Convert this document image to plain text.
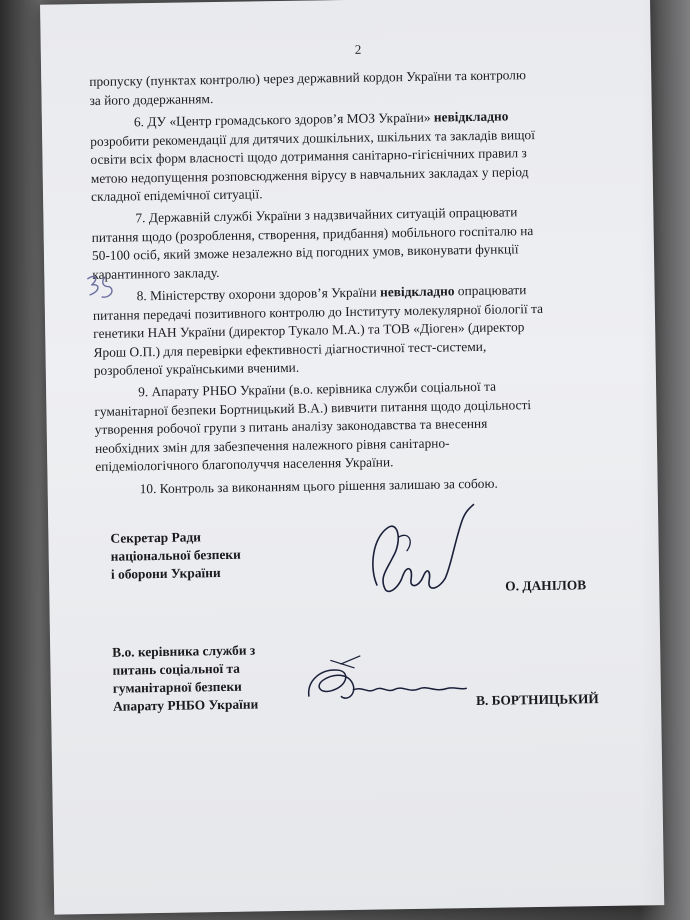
2
пропуску (пунктах контролю) через державний кордон України та контролю
за його додержанням.
6. ДУ «Центр громадського здоров’я МОЗ України» невідкладно
розробити рекомендації для дитячих дошкільних, шкільних та закладів вищої
освіти всіх форм власності щодо дотримання санітарно-гігієнічних правил з
метою недопущення розповсюдження вірусу в навчальних закладах у період
складної епідемічної ситуації.
7. Державній службі України з надзвичайних ситуацій опрацювати
питання щодо (розроблення, створення, придбання) мобільного госпіталю на
50-100 осіб, який зможе незалежно від погодних умов, виконувати функції
карантинного закладу.
8. Міністерству охорони здоров’я України невідкладно опрацювати
питання передачі позитивного контролю до Інституту молекулярної біології та
генетики НАН України (директор Тукало М.А.) та ТОВ «Діоген» (директор
Ярош О.П.) для перевірки ефективності діагностичної тест-системи,
розробленої українськими вченими.
9. Апарату РНБО України (в.о. керівника служби соціальної та
гуманітарної безпеки Бортницький В.А.) вивчити питання щодо доцільності
утворення робочої групи з питань аналізу законодавства та внесення
необхідних змін для забезпечення належного рівня санітарно-
епідеміологічного благополуччя населення України.
10. Контроль за виконанням цього рішення залишаю за собою.
Секретар Ради
національної безпеки
і оборони України
О. ДАНІЛОВ
В.о. керівника служби з
питань соціальної та
гуманітарної безпеки
Апарату РНБО України	В. БОРТНИЦЬКИЙ
